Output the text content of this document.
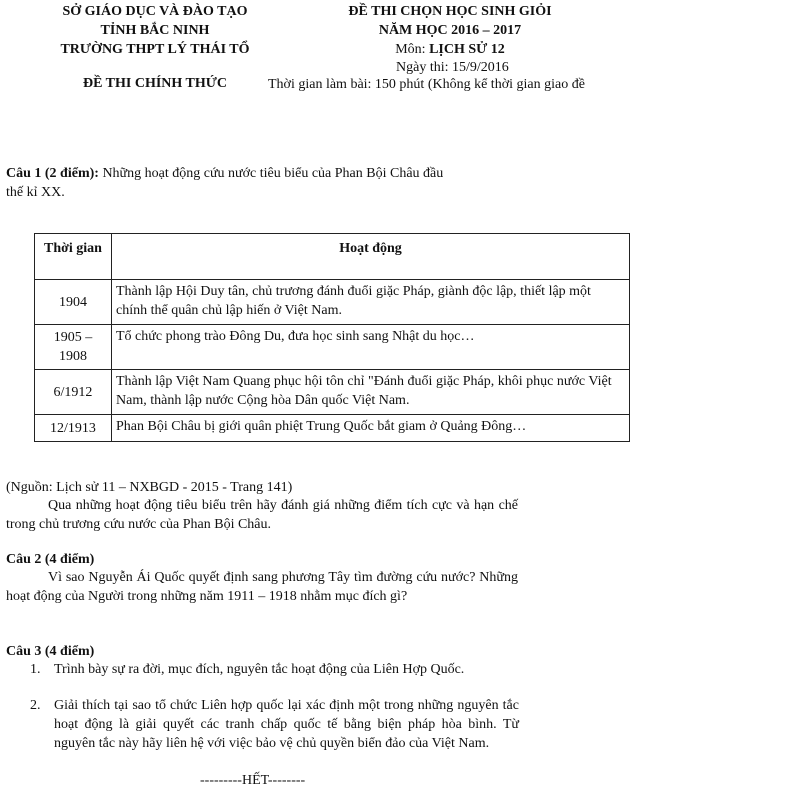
SỞ GIÁO DỤC VÀ ĐÀO TẠO
TỈNH BẮC NINH
TRƯỜNG THPT LÝ THÁI TỔ
ĐỀ THI CHÍNH THỨC
ĐỀ THI CHỌN HỌC SINH GIỎI
NĂM HỌC 2016 – 2017
Môn: LỊCH SỬ 12
Ngày thi: 15/9/2016
Thời gian làm bài: 150 phút (Không kể thời gian giao đề
Câu 1 (2 điểm): Những hoạt động cứu nước tiêu biểu của Phan Bội Châu đầu
thế kỉ XX.
Thời gian	Hoạt động
1904	Thành lập Hội Duy tân, chủ trương đánh đuổi giặc Pháp, giành độc lập, thiết lập một chính thể quân chủ lập hiến ở Việt Nam.
1905 – 1908	Tổ chức phong trào Đông Du, đưa học sinh sang Nhật du học…
6/1912	Thành lập Việt Nam Quang phục hội tôn chỉ "Đánh đuổi giặc Pháp, khôi phục nước Việt Nam, thành lập nước Cộng hòa Dân quốc Việt Nam.
12/1913	Phan Bội Châu bị giới quân phiệt Trung Quốc bắt giam ở Quảng Đông…
(Nguồn: Lịch sử 11 – NXBGD - 2015 - Trang 141)
Qua những hoạt động tiêu biểu trên hãy đánh giá những điểm tích cực và hạn chế trong chủ trương cứu nước của Phan Bội Châu.
Câu 2 (4 điểm)
Vì sao Nguyễn Ái Quốc quyết định sang phương Tây tìm đường cứu nước? Những hoạt động của Người trong những năm 1911 – 1918 nhằm mục đích gì?
Câu 3 (4 điểm)
1. Trình bày sự ra đời, mục đích, nguyên tắc hoạt động của Liên Hợp Quốc.
2. Giải thích tại sao tổ chức Liên hợp quốc lại xác định một trong những nguyên tắc hoạt động là giải quyết các tranh chấp quốc tế bằng biện pháp hòa bình. Từ nguyên tắc này hãy liên hệ với việc bảo vệ chủ quyền biển đảo của Việt Nam.
---------HẾT--------
